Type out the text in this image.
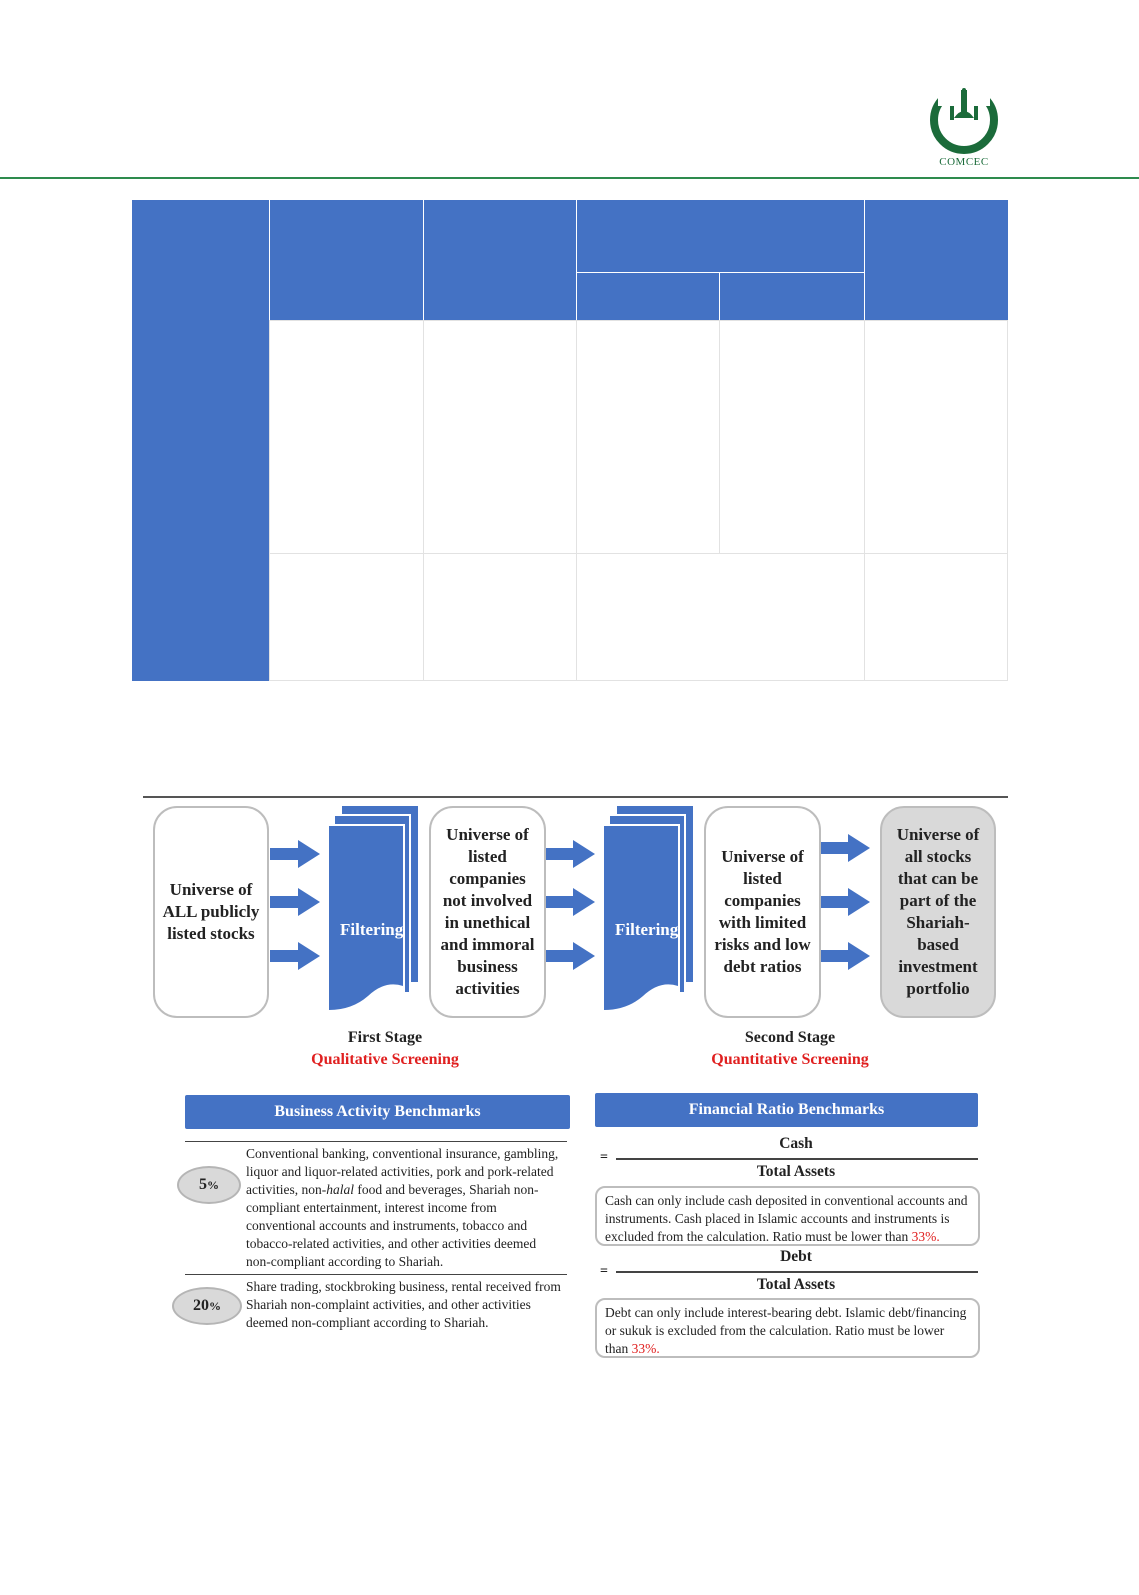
COMCEC
Filtering	Filtering
Universe of
ALL publicly
listed stocks
Universe of
listed
companies
not involved
in unethical
and immoral
business
activities
Universe of
listed
companies
with limited
risks and low
debt ratios
Universe of
all stocks
that can be
part of the
Shariah-
based
investment
portfolio
First Stage
Qualitative Screening
Second Stage
Quantitative Screening
Business Activity Benchmarks	Financial Ratio Benchmarks
5 %
Conventional banking, conventional insurance, gambling, liquor and liquor-related activities, pork and pork-related activities, non-halal food and beverages, Shariah non-compliant entertainment, interest income from conventional accounts and instruments, tobacco and tobacco-related activities, and other activities deemed non-compliant according to Shariah.
20 %
Share trading, stockbroking business, rental received from Shariah non-complaint activities, and other activities deemed non-compliant according to Shariah.
Cash
=
Total Assets
Cash can only include cash deposited in conventional accounts and instruments. Cash placed in Islamic accounts and instruments is excluded from the calculation. Ratio must be lower than 33%.
Debt
=
Total Assets
Debt can only include interest-bearing debt. Islamic debt/financing or sukuk is excluded from the calculation. Ratio must be lower than 33%.
